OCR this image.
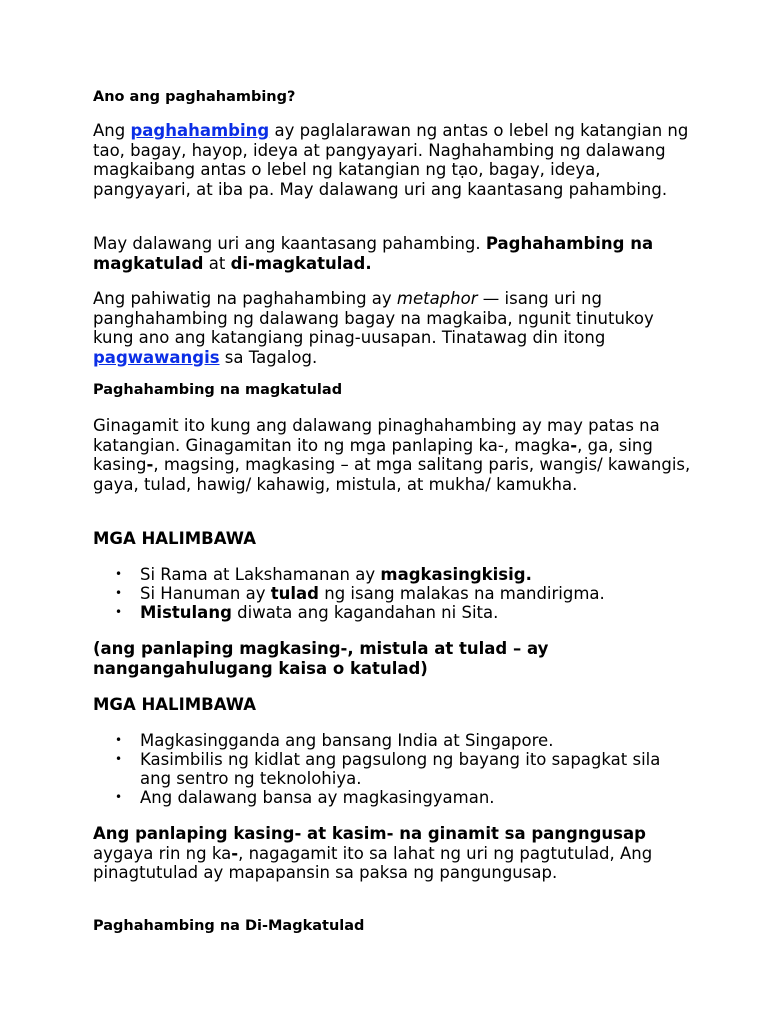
Ano ang paghahambing?

Ang paghahambing ay paglalarawan ng antas o lebel ng katangian ng tao, bagay, hayop, ideya at pangyayari. Naghahambing ng dalawang magkaibang antas o lebel ng katangian ng tạo, bagay, ideya, pangyayari, at iba pa. May dalawang uri ang kaantasang pahambing.

May dalawang uri ang kaantasang pahambing. Paghahambing na magkatulad at di-magkatulad.

Ang pahiwatig na paghahambing ay metaphor — isang uri ng panghahambing ng dalawang bagay na magkaiba, ngunit tinutukoy kung ano ang katangiang pinag-uusapan. Tinatawag din itong pagwawangis sa Tagalog.

Paghahambing na magkatulad

Ginagamit ito kung ang dalawang pinaghahambing ay may patas na katangian. Ginagamitan ito ng mga panlaping ka-, magka-, ga, sing kasing-, magsing, magkasing – at mga salitang paris, wangis/ kawangis, gaya, tulad, hawig/ kahawig, mistula, at mukha/ kamukha.

MGA HALIMBAWA

• Si Rama at Lakshamanan ay magkasingkisig.
• Si Hanuman ay tulad ng isang malakas na mandirigma.
• Mistulang diwata ang kagandahan ni Sita.

(ang panlaping magkasing-, mistula at tulad – ay nangangahulugang kaisa o katulad)

MGA HALIMBAWA

• Magkasingganda ang bansang India at Singapore.
• Kasimbilis ng kidlat ang pagsulong ng bayang ito sapagkat sila ang sentro ng teknolohiya.
• Ang dalawang bansa ay magkasingyaman.

Ang panlaping kasing- at kasim- na ginamit sa pangngusap aygaya rin ng ka-, nagagamit ito sa lahat ng uri ng pagtutulad, Ang pinagtutulad ay mapapansin sa paksa ng pangungusap.

Paghahambing na Di-Magkatulad
